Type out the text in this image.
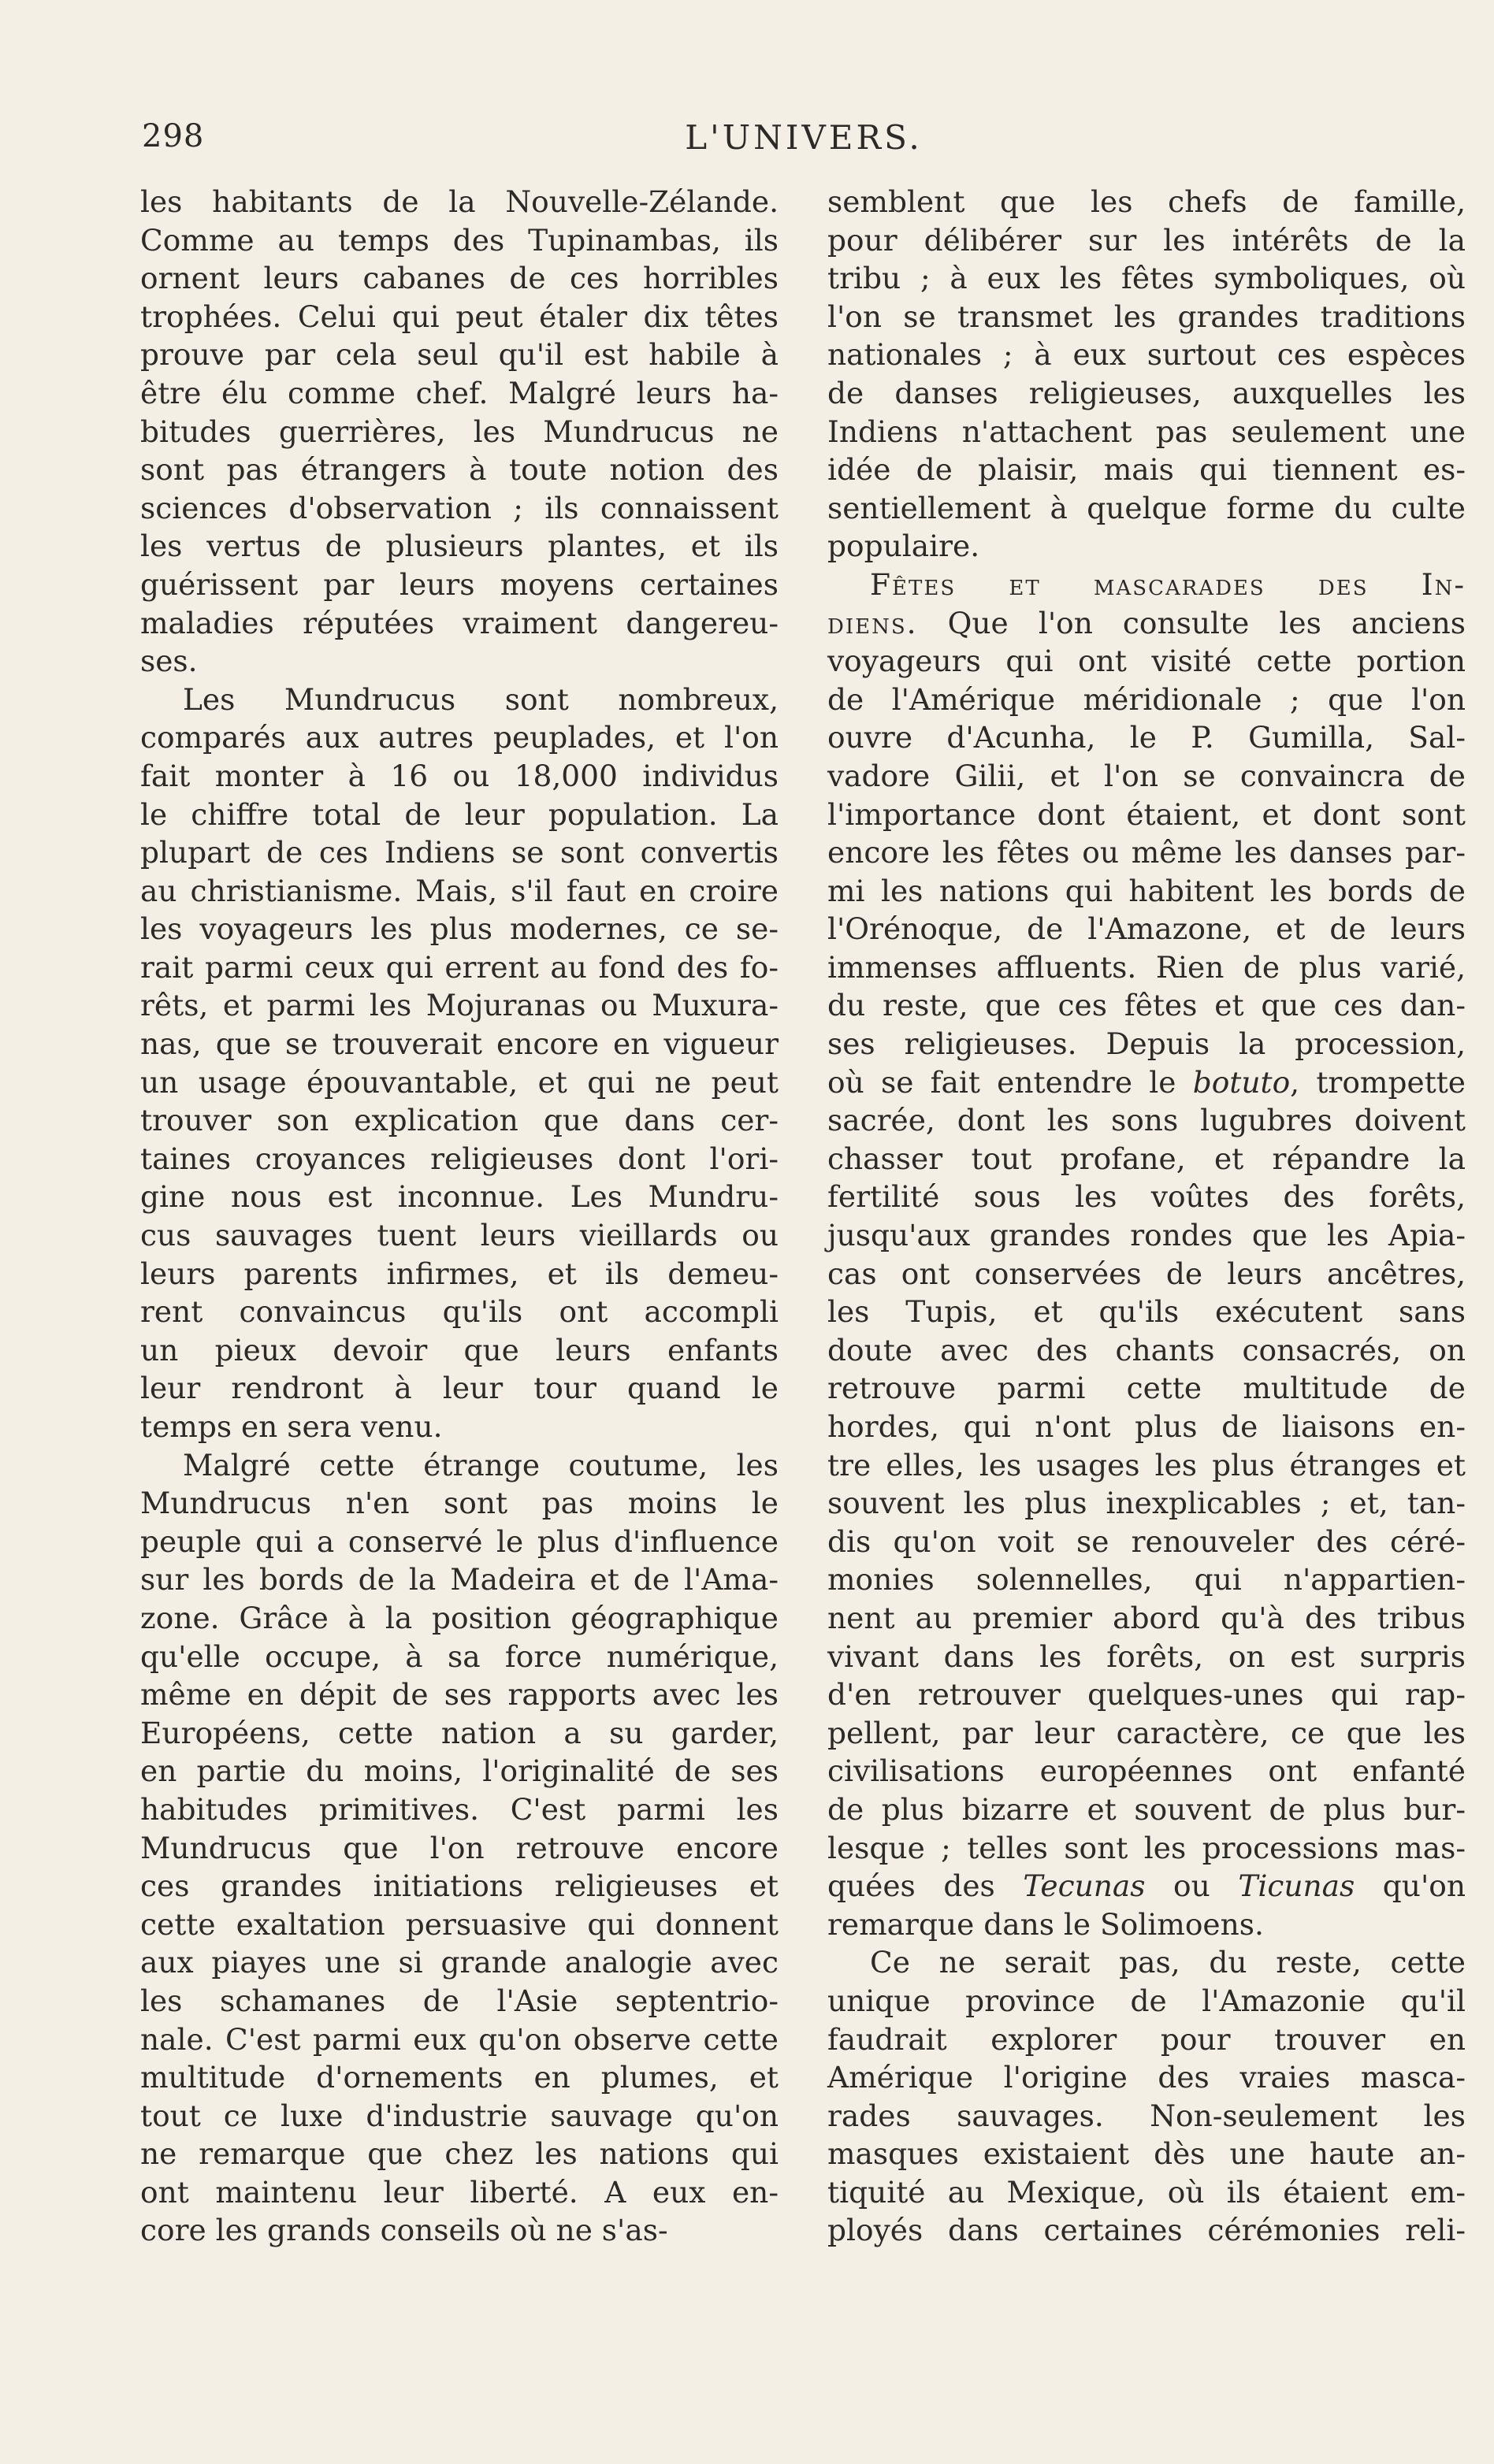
298	L'UNIVERS.
les habitants de la Nouvelle-Zélande.
Comme au temps des Tupinambas, ils
ornent leurs cabanes de ces horribles
trophées. Celui qui peut étaler dix têtes
prouve par cela seul qu'il est habile à
être élu comme chef. Malgré leurs ha-
bitudes guerrières, les Mundrucus ne
sont pas étrangers à toute notion des
sciences d'observation ; ils connaissent
les vertus de plusieurs plantes, et ils
guérissent par leurs moyens certaines
maladies réputées vraiment dangereu-
ses.
Les Mundrucus sont nombreux,
comparés aux autres peuplades, et l'on
fait monter à 16 ou 18,000 individus
le chiffre total de leur population. La
plupart de ces Indiens se sont convertis
au christianisme. Mais, s'il faut en croire
les voyageurs les plus modernes, ce se-
rait parmi ceux qui errent au fond des fo-
rêts, et parmi les Mojuranas ou Muxura-
nas, que se trouverait encore en vigueur
un usage épouvantable, et qui ne peut
trouver son explication que dans cer-
taines croyances religieuses dont l'ori-
gine nous est inconnue. Les Mundru-
cus sauvages tuent leurs vieillards ou
leurs parents infirmes, et ils demeu-
rent convaincus qu'ils ont accompli
un pieux devoir que leurs enfants
leur rendront à leur tour quand le
temps en sera venu.
Malgré cette étrange coutume, les
Mundrucus n'en sont pas moins le
peuple qui a conservé le plus d'influence
sur les bords de la Madeira et de l'Ama-
zone. Grâce à la position géographique
qu'elle occupe, à sa force numérique,
même en dépit de ses rapports avec les
Européens, cette nation a su garder,
en partie du moins, l'originalité de ses
habitudes primitives. C'est parmi les
Mundrucus que l'on retrouve encore
ces grandes initiations religieuses et
cette exaltation persuasive qui donnent
aux piayes une si grande analogie avec
les schamanes de l'Asie septentrio-
nale. C'est parmi eux qu'on observe cette
multitude d'ornements en plumes, et
tout ce luxe d'industrie sauvage qu'on
ne remarque que chez les nations qui
ont maintenu leur liberté. A eux en-
core les grands conseils où ne s'as-
semblent que les chefs de famille,
pour délibérer sur les intérêts de la
tribu ; à eux les fêtes symboliques, où
l'on se transmet les grandes traditions
nationales ; à eux surtout ces espèces
de danses religieuses, auxquelles les
Indiens n'attachent pas seulement une
idée de plaisir, mais qui tiennent es-
sentiellement à quelque forme du culte
populaire.
Fêtes et mascarades des In-
diens. Que l'on consulte les anciens
voyageurs qui ont visité cette portion
de l'Amérique méridionale ; que l'on
ouvre d'Acunha, le P. Gumilla, Sal-
vadore Gilii, et l'on se convaincra de
l'importance dont étaient, et dont sont
encore les fêtes ou même les danses par-
mi les nations qui habitent les bords de
l'Orénoque, de l'Amazone, et de leurs
immenses affluents. Rien de plus varié,
du reste, que ces fêtes et que ces dan-
ses religieuses. Depuis la procession,
où se fait entendre le botuto, trompette
sacrée, dont les sons lugubres doivent
chasser tout profane, et répandre la
fertilité sous les voûtes des forêts,
jusqu'aux grandes rondes que les Apia-
cas ont conservées de leurs ancêtres,
les Tupis, et qu'ils exécutent sans
doute avec des chants consacrés, on
retrouve parmi cette multitude de
hordes, qui n'ont plus de liaisons en-
tre elles, les usages les plus étranges et
souvent les plus inexplicables ; et, tan-
dis qu'on voit se renouveler des céré-
monies solennelles, qui n'appartien-
nent au premier abord qu'à des tribus
vivant dans les forêts, on est surpris
d'en retrouver quelques-unes qui rap-
pellent, par leur caractère, ce que les
civilisations européennes ont enfanté
de plus bizarre et souvent de plus bur-
lesque ; telles sont les processions mas-
quées des Tecunas ou Ticunas qu'on
remarque dans le Solimoens.
Ce ne serait pas, du reste, cette
unique province de l'Amazonie qu'il
faudrait explorer pour trouver en
Amérique l'origine des vraies masca-
rades sauvages. Non-seulement les
masques existaient dès une haute an-
tiquité au Mexique, où ils étaient em-
ployés dans certaines cérémonies reli-
